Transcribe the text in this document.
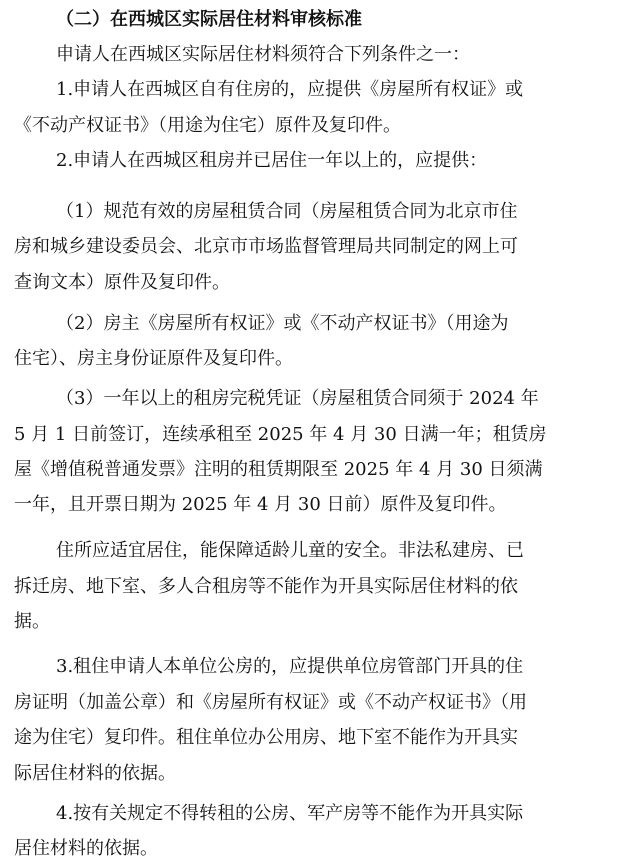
（二）在西城区实际居住材料审核标准
申请人在西城区实际居住材料须符合下列条件之一：
1.申请人在西城区自有住房的，应提供《房屋所有权证》或
《不动产权证书》（用途为住宅）原件及复印件。
2.申请人在西城区租房并已居住一年以上的，应提供：
（1）规范有效的房屋租赁合同（房屋租赁合同为北京市住
房和城乡建设委员会、北京市市场监督管理局共同制定的网上可
查询文本）原件及复印件。
（2）房主《房屋所有权证》或《不动产权证书》（用途为
住宅）、房主身份证原件及复印件。
（3）一年以上的租房完税凭证（房屋租赁合同须于 2024 年
5 月 1 日前签订，连续承租至 2025 年 4 月 30 日满一年；租赁房
屋《增值税普通发票》注明的租赁期限至 2025 年 4 月 30 日须满
一年，且开票日期为 2025 年 4 月 30 日前）原件及复印件。
住所应适宜居住，能保障适龄儿童的安全。非法私建房、已
拆迁房、地下室、多人合租房等不能作为开具实际居住材料的依
据。
3.租住申请人本单位公房的，应提供单位房管部门开具的住
房证明（加盖公章）和《房屋所有权证》或《不动产权证书》（用
途为住宅）复印件。租住单位办公用房、地下室不能作为开具实
际居住材料的依据。
4.按有关规定不得转租的公房、军产房等不能作为开具实际
居住材料的依据。
